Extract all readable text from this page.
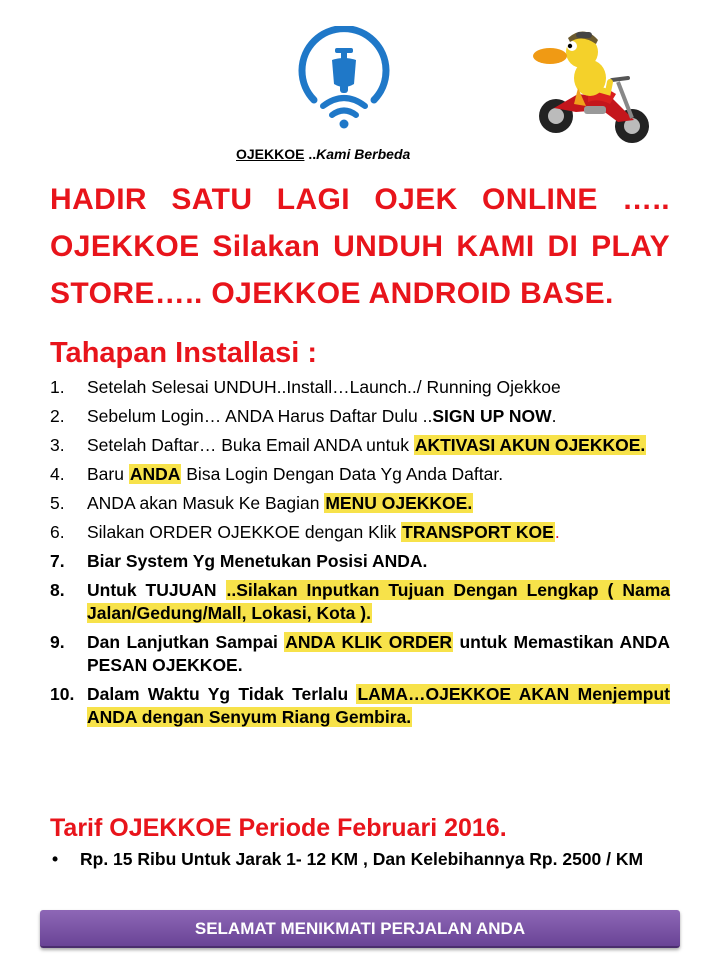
OJEKKOE ..Kami Berbeda
HADIR SATU LAGI OJEK ONLINE ….. OJEKKOE Silakan UNDUH KAMI DI PLAY STORE….. OJEKKOE ANDROID BASE.
Tahapan Installasi :
1. Setelah Selesai UNDUH..Install…Launch../ Running Ojekkoe
2. Sebelum Login… ANDA Harus Daftar Dulu ..SIGN UP NOW.
3. Setelah Daftar… Buka Email ANDA untuk AKTIVASI AKUN OJEKKOE.
4. Baru ANDA Bisa Login Dengan Data Yg Anda Daftar.
5. ANDA akan Masuk Ke Bagian MENU OJEKKOE.
6. Silakan ORDER OJEKKOE dengan Klik TRANSPORT KOE.
7. Biar System Yg Menetukan Posisi ANDA.
8. Untuk TUJUAN ..Silakan Inputkan Tujuan Dengan Lengkap ( Nama Jalan/Gedung/Mall, Lokasi, Kota ).
9. Dan Lanjutkan Sampai ANDA KLIK ORDER untuk Memastikan ANDA PESAN OJEKKOE.
10. Dalam Waktu Yg Tidak Terlalu LAMA…OJEKKOE AKAN Menjemput ANDA dengan Senyum Riang Gembira.
Tarif OJEKKOE Periode Februari 2016.
•	Rp. 15 Ribu Untuk Jarak 1- 12 KM , Dan Kelebihannya Rp. 2500 / KM
SELAMAT MENIKMATI PERJALAN ANDA
